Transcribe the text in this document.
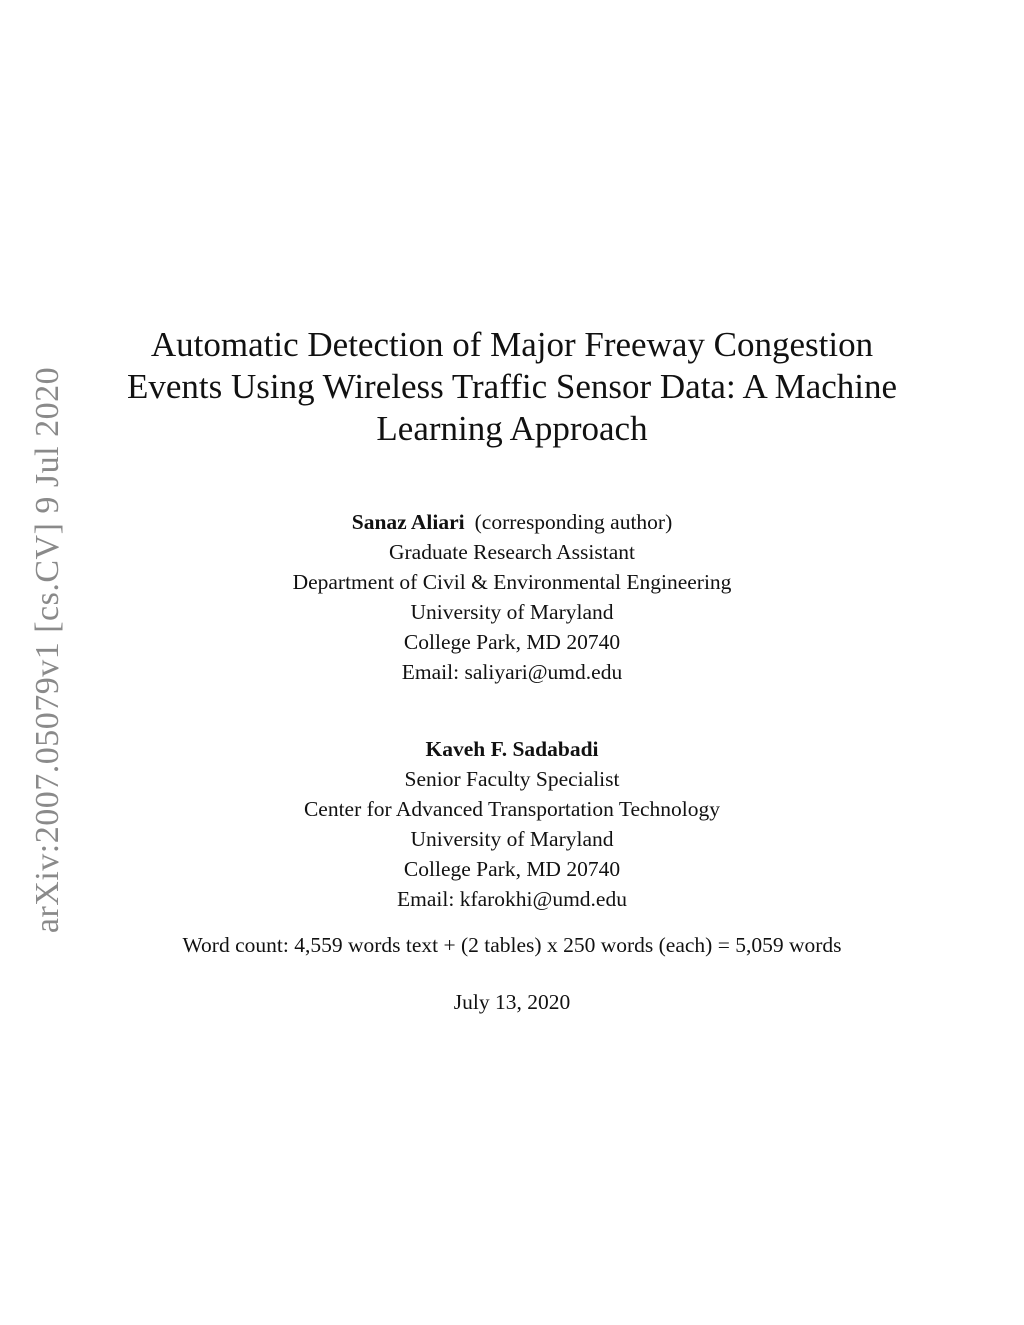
arXiv:2007.05079v1 [cs.CV] 9 Jul 2020
Automatic Detection of Major Freeway Congestion
Events Using Wireless Traffic Sensor Data: A Machine
Learning Approach
Sanaz Aliari (corresponding author)
Graduate Research Assistant
Department of Civil & Environmental Engineering
University of Maryland
College Park, MD 20740
Email: saliyari@umd.edu
Kaveh F. Sadabadi
Senior Faculty Specialist
Center for Advanced Transportation Technology
University of Maryland
College Park, MD 20740
Email: kfarokhi@umd.edu
Word count: 4,559 words text + (2 tables) x 250 words (each) = 5,059 words
July 13, 2020
